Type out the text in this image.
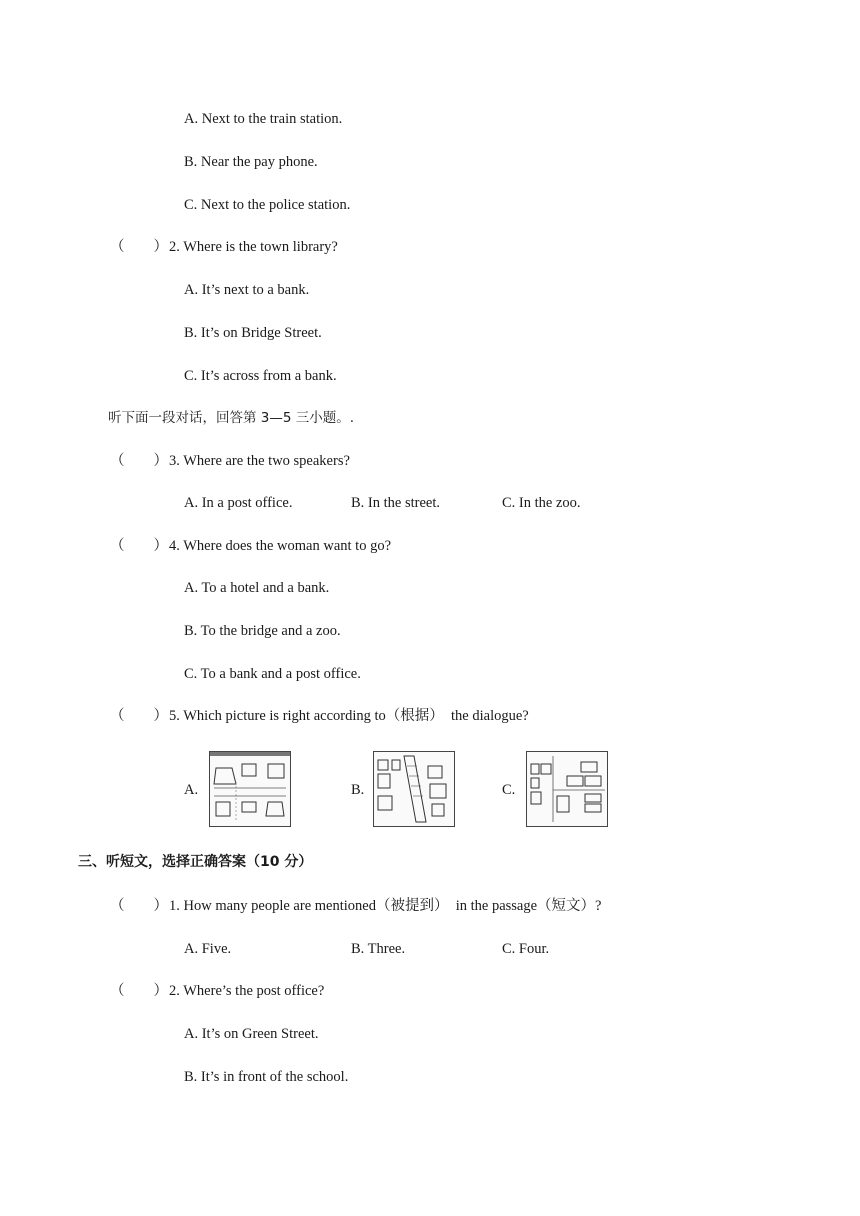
A. Next to the train station.
B. Near the pay phone.
C. Next to the police station.
（　　） 2. Where is the town library?
A. It’s next to a bank.
B. It’s on Bridge Street.
C. It’s across from a bank.
听下面一段对话，回答第 3—5 三小题。.
（　　） 3. Where are the two speakers?
A. In a post office.	B. In the street.	C. In the zoo.
（　　） 4. Where does the woman want to go?
A. To a hotel and a bank.
B. To the bridge and a zoo.
C. To a bank and a post office.
（　　） 5. Which picture is right according to（根据）  the dialogue?
A.	B.	C.
三、听短文，选择正确答案（10 分）
（　　） 1. How many people are mentioned（被提到）  in the passage（短文）?
A. Five.	B. Three.	C. Four.
（　　） 2. Where’s the post office?
A. It’s on Green Street.
B. It’s in front of the school.
